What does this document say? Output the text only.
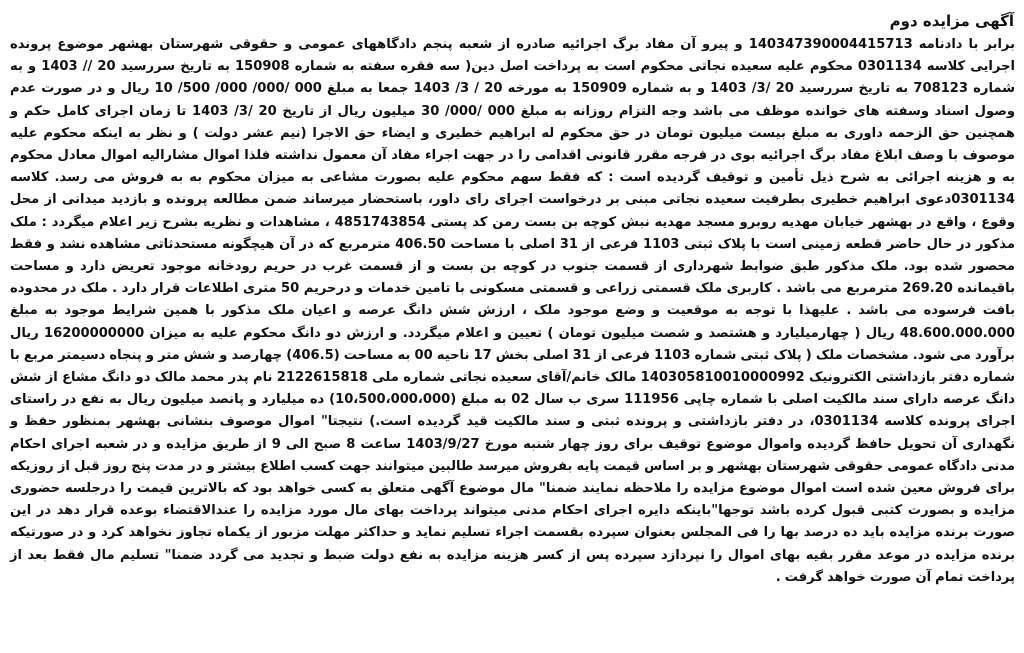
آگهی مزایده دوم

برابر با دادنامه 140347390004415713 و پیرو آن مفاد برگ اجرائیه صادره از شعبه پنجم دادگاههای عمومی و حقوقی شهرستان بهشهر موضوع پرونده اجرایی کلاسه 0301134 محکوم علیه سعیده نجاتی محکوم است به پرداخت اصل دین( سه فقره سفته به شماره 150908 به تاریخ سررسید 20 // 1403 و به شماره 708123 به تاریخ سررسید 20 /3/ 1403 و به شماره 150909 به مورخه 20 / 3/ 1403 جمعا به مبلغ 000 /000/ 000/ 500/ 10 ریال و در صورت عدم وصول اسناد وسفته های خوانده موظف می باشد وجه التزام روزانه به مبلغ 000 /000/ 30 میلیون ریال از تاریخ 20 /3/ 1403 تا زمان اجرای کامل حکم و همچنین حق الزحمه داوری به مبلغ بیست میلیون تومان در حق محکوم له ابراهیم خطیری و ایضاء حق الاجرا (نیم عشر دولت ) و نظر به اینکه محکوم علیه موصوف با وصف ابلاغ مفاد برگ اجرائیه بوی در فرجه مقرر قانونی اقدامی را در جهت اجراء مفاد آن معمول نداشته فلذا اموال مشارالیه اموال معادل محکوم به و هزینه اجرائی به شرح ذیل تأمین و توقیف گردیده است : که فقط سهم محکوم علیه بصورت مشاعی به میزان محکوم به به فروش می رسد. کلاسه 0301134دعوی ابراهیم خطیری بطرفیت سعیده نجاتی مبنی بر درخواست اجرای رای داور، باستحضار میرساند ضمن مطالعه پرونده و بازدید میدانی از محل وقوع ، واقع در بهشهر خیابان مهدیه روبرو مسجد مهدیه نبش کوچه بن بست رمن کد پستی 4851743854 ، مشاهدات و نظریه بشرح زیر اعلام میگردد : ملک مذکور در حال حاضر قطعه زمینی است با پلاک ثبتی 1103 فرعی از 31 اصلی با مساحت 406.50 مترمربع که در آن هیچگونه مستحدثاتی مشاهده نشد و فقط محصور شده بود. ملک مذکور طبق ضوابط شهرداری از قسمت جنوب در کوچه بن بست و از قسمت غرب در حریم رودخانه موجود تعریض دارد و مساحت باقیمانده 269.20 مترمربع می باشد . کاربری ملک قسمتی زراعی و قسمتی مسکونی با تامین خدمات و درحریم 50 متری اطلاعات قرار دارد . ملک در محدوده بافت فرسوده می باشد . علیهذا با توجه به موقعیت و وضع موجود ملک ، ارزش شش دانگ عرصه و اعیان ملک مذکور با همین شرایط موجود به مبلغ 48.600.000.000 ریال ( چهارمیلیارد و هشتصد و شصت میلیون تومان ) تعیین و اعلام میگردد. و ارزش دو دانگ محکوم علیه به میزان 16200000000 ریال برآورد می شود. مشخصات ملک ( پلاک ثبتی شماره 1103 فرعی از 31 اصلی بخش 17 ناحیه 00 به مساحت (406.5) چهارصد و شش متر و پنجاه دسیمتر مربع با شماره دفتر بازداشتی الکترونیک 140305810010000992 مالک خانم/آقای سعیده نجاتی شماره ملی 2122615818 نام پدر محمد مالک دو دانگ مشاع از شش دانگ عرصه دارای سند مالکیت اصلی با شماره چاپی 111956 سری ب سال 02 به مبلغ (10،500،000،000) ده میلیارد و پانصد میلیون ریال به نفع در راستای اجرای پرونده کلاسه 0301134، در دفتر بازداشتی و پرونده ثبتی و سند مالکیت قید گردیده است.) نتیجتا" اموال موصوف بنشانی بهشهر بمنظور حفظ و نگهداری آن تحویل حافظ گردیده واموال موضوع توقیف برای روز چهار شنبه مورخ 1403/9/27 ساعت 8 صبح الی 9 از طریق مزایده و در شعبه اجرای احکام مدنی دادگاه عمومی حقوقی شهرستان بهشهر و بر اساس قیمت پایه بفروش میرسد طالبین میتوانند جهت کسب اطلاع بیشتر و در مدت پنج روز قبل از روزیکه برای فروش معین شده است اموال موضوع مزایده را ملاحظه نمایند ضمنا" مال موضوع آگهی متعلق به کسی خواهد بود که بالاترین قیمت را درجلسه حضوری مزایده و بصورت کتبی قبول کرده باشد توجها"باینکه دایره اجرای احکام مدنی میتواند پرداخت بهای مال مورد مزایده را عندالاقتضاء بوعده قرار دهد در این صورت برنده مزایده باید ده درصد بها را فی المجلس بعنوان سپرده بقسمت اجراء تسلیم نماید و حداکثر مهلت مزبور از یکماه تجاوز نخواهد کرد و در صورتیکه برنده مزایده در موعد مقرر بقیه بهای اموال را نپردازد سپرده پس از کسر هزینه مزایده به نفع دولت ضبط و تجدید می گردد ضمنا" تسلیم مال فقط بعد از پرداخت تمام آن صورت خواهد گرفت .
